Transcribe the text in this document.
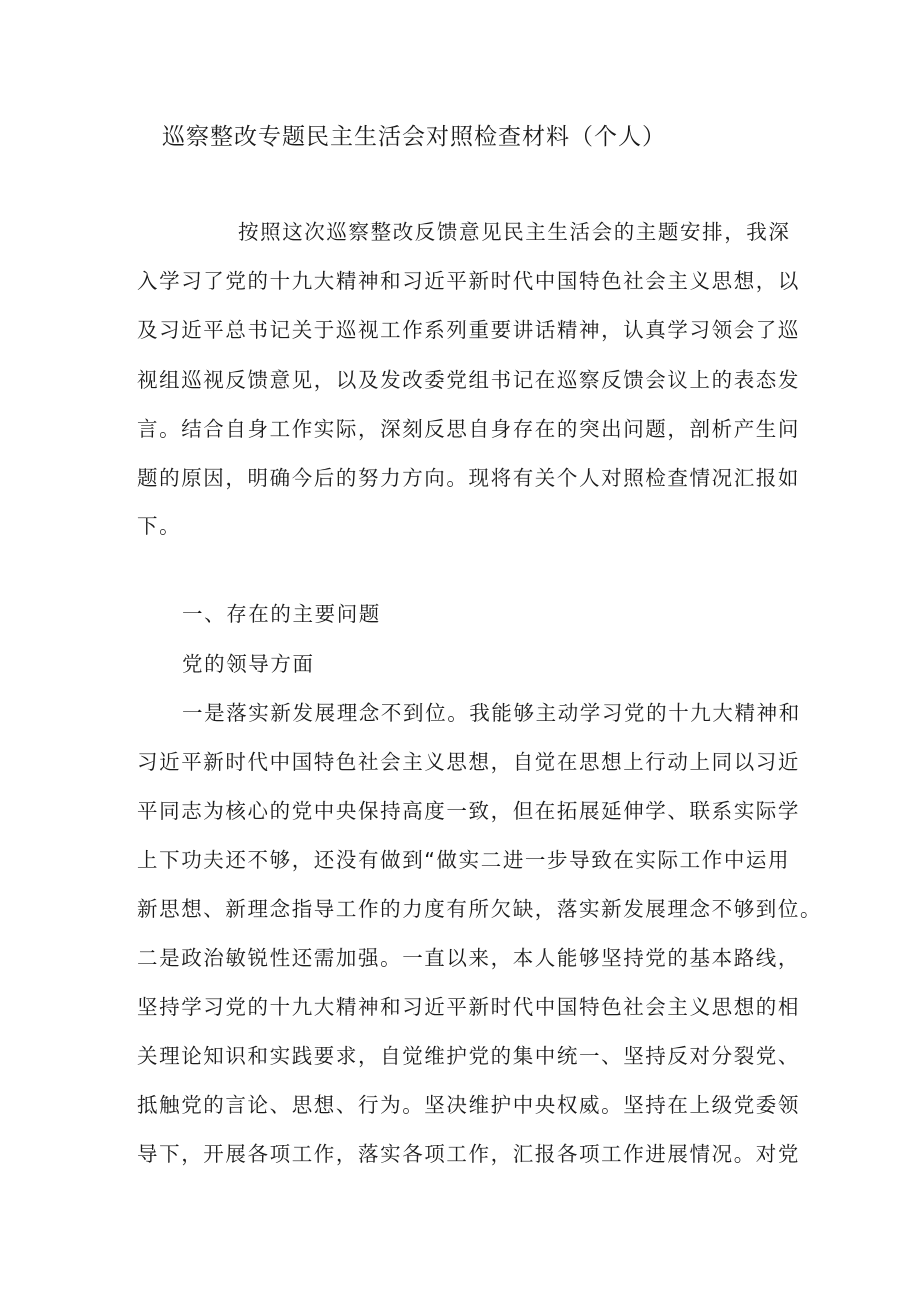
巡察整改专题民主生活会对照检查材料（个人）
按照这次巡察整改反馈意见民主生活会的主题安排，我深
入学习了党的十九大精神和习近平新时代中国特色社会主义思想，以
及习近平总书记关于巡视工作系列重要讲话精神，认真学习领会了巡
视组巡视反馈意见，以及发改委党组书记在巡察反馈会议上的表态发
言。结合自身工作实际，深刻反思自身存在的突出问题，剖析产生问
题的原因，明确今后的努力方向。现将有关个人对照检查情况汇报如
下。
一、存在的主要问题
党的领导方面
一是落实新发展理念不到位。我能够主动学习党的十九大精神和
习近平新时代中国特色社会主义思想，自觉在思想上行动上同以习近
平同志为核心的党中央保持高度一致，但在拓展延伸学、联系实际学
上下功夫还不够，还没有做到“做实二进一步导致在实际工作中运用
新思想、新理念指导工作的力度有所欠缺，落实新发展理念不够到位。
二是政治敏锐性还需加强。一直以来，本人能够坚持党的基本路线，
坚持学习党的十九大精神和习近平新时代中国特色社会主义思想的相
关理论知识和实践要求，自觉维护党的集中统一、坚持反对分裂党、
抵触党的言论、思想、行为。坚决维护中央权威。坚持在上级党委领
导下，开展各项工作，落实各项工作，汇报各项工作进展情况。对党
